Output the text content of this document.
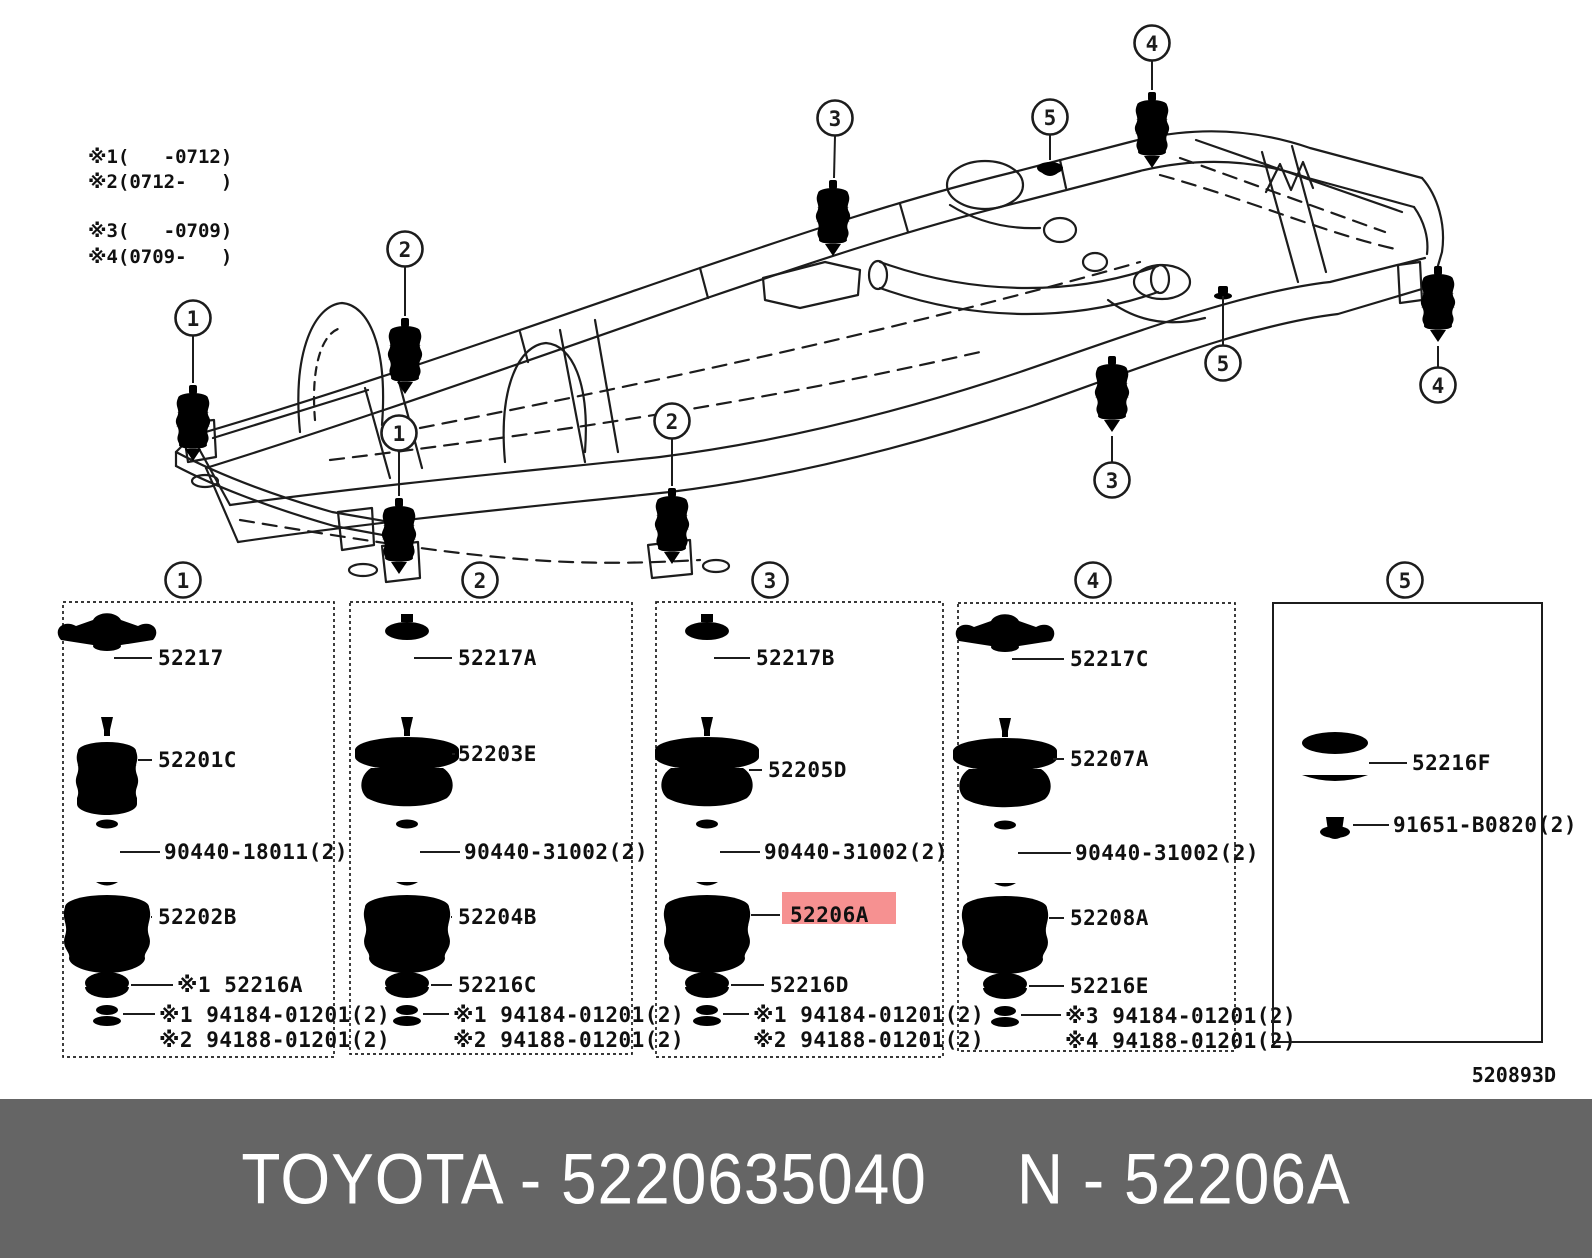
※1(   -0712)
※2(0712-   )
※3(   -0709)
※4(0709-   )
1
1
2
2
3
3
4
4
5
5
1	2	3	4	5
52217
52201C
90440-18011(2)
52202B
※1 52216A
※1 94184-01201(2)
※2 94188-01201(2)
52217A
52203E
90440-31002(2)
52204B
52216C
※1 94184-01201(2)
※2 94188-01201(2)
52217B
52205D
90440-31002(2)
52206A
52216D
※1 94184-01201(2)
※2 94188-01201(2)
52217C
52207A
90440-31002(2)
52208A
52216E
※3 94184-01201(2)
※4 94188-01201(2)
52216F
91651-B0820(2)
520893D
TOYOTA - 5220635040 N - 52206A
